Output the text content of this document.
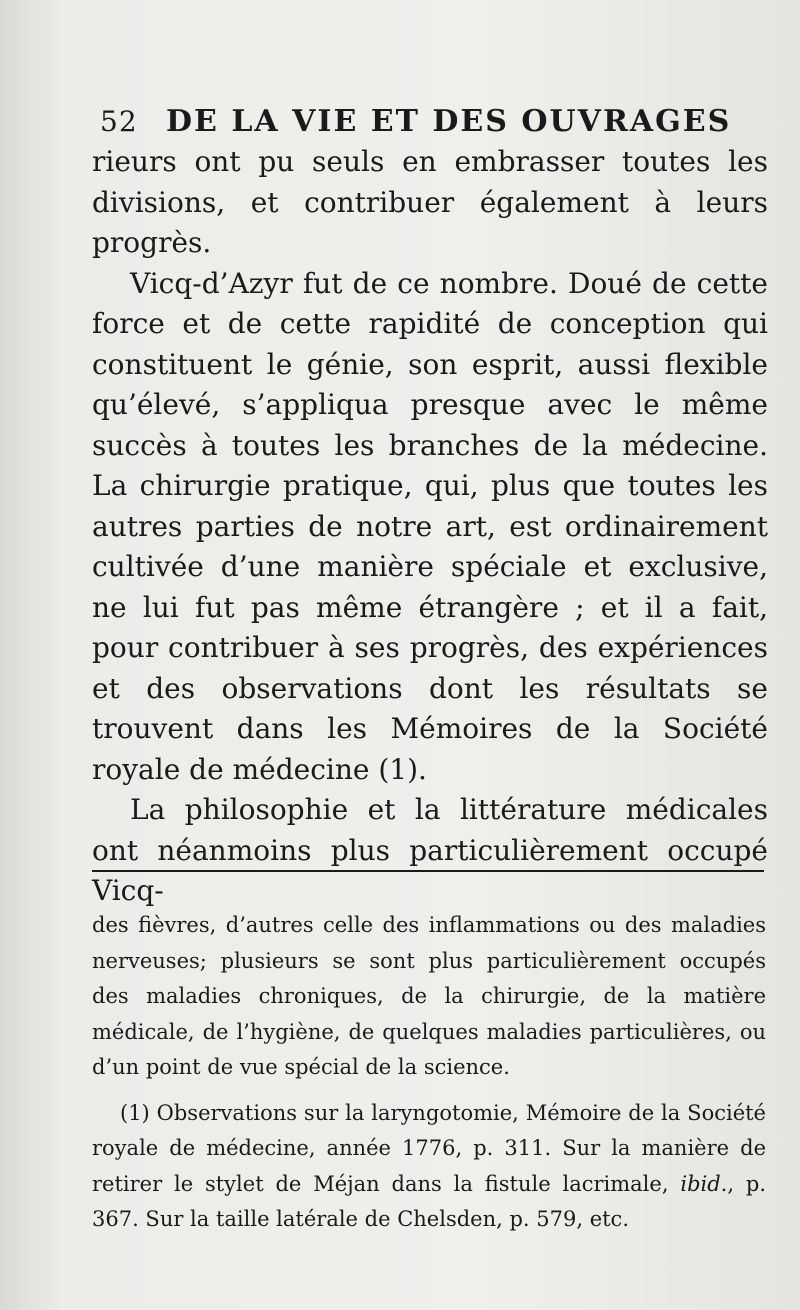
52 DE LA VIE ET DES OUVRAGES

rieurs ont pu seuls en embrasser toutes les divisions, et contribuer également à leurs progrès.

Vicq-d’Azyr fut de ce nombre. Doué de cette force et de cette rapidité de conception qui constituent le génie, son esprit, aussi flexible qu’élevé, s’appliqua presque avec le même succès à toutes les branches de la médecine. La chirurgie pratique, qui, plus que toutes les autres parties de notre art, est ordinairement cultivée d’une manière spéciale et exclusive, ne lui fut pas même étrangère ; et il a fait, pour contribuer à ses progrès, des expériences et des observations dont les résultats se trouvent dans les Mémoires de la Société royale de médecine (1).

La philosophie et la littérature médicales ont néanmoins plus particulièrement occupé Vicq-

des fièvres, d’autres celle des inflammations ou des maladies nerveuses; plusieurs se sont plus particulièrement occupés des maladies chroniques, de la chirurgie, de la matière médicale, de l’hygiène, de quelques maladies particulières, ou d’un point de vue spécial de la science.

(1) Observations sur la laryngotomie, Mémoire de la Société royale de médecine, année 1776, p. 311. Sur la manière de retirer le stylet de Méjan dans la fistule lacrimale, ibid., p. 367. Sur la taille latérale de Chelsden, p. 579, etc.
